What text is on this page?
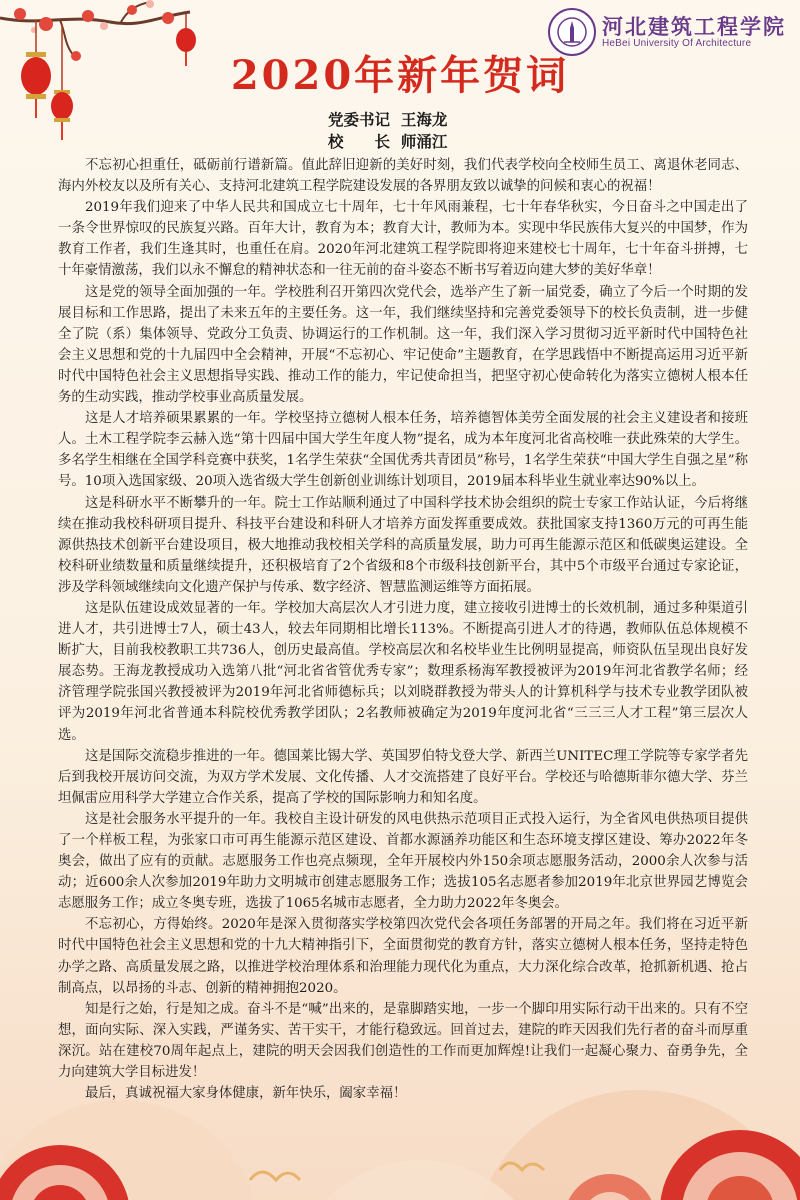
河北建筑工程学院
HeBei University Of Architecture
2020年新年贺词
党委书记 王海龙
校　　长 师涌江

不忘初心担重任，砥砺前行谱新篇。值此辞旧迎新的美好时刻，我们代表学校向全校师生员工、离退休老同志、海内外校友以及所有关心、支持河北建筑工程学院建设发展的各界朋友致以诚挚的问候和衷心的祝福！

2019年我们迎来了中华人民共和国成立七十周年，七十年风雨兼程，七十年春华秋实，今日奋斗之中国走出了一条令世界惊叹的民族复兴路。百年大计，教育为本；教育大计，教师为本。实现中华民族伟大复兴的中国梦，作为教育工作者，我们生逢其时，也重任在肩。2020年河北建筑工程学院即将迎来建校七十周年，七十年奋斗拼搏，七十年豪情激荡，我们以永不懈怠的精神状态和一往无前的奋斗姿态不断书写着迈向建大梦的美好华章！

这是党的领导全面加强的一年。学校胜利召开第四次党代会，选举产生了新一届党委，确立了今后一个时期的发展目标和工作思路，提出了未来五年的主要任务。这一年，我们继续坚持和完善党委领导下的校长负责制，进一步健全了院（系）集体领导、党政分工负责、协调运行的工作机制。这一年，我们深入学习贯彻习近平新时代中国特色社会主义思想和党的十九届四中全会精神，开展“不忘初心、牢记使命”主题教育，在学思践悟中不断提高运用习近平新时代中国特色社会主义思想指导实践、推动工作的能力，牢记使命担当，把坚守初心使命转化为落实立德树人根本任务的生动实践，推动学校事业高质量发展。

这是人才培养硕果累累的一年。学校坚持立德树人根本任务，培养德智体美劳全面发展的社会主义建设者和接班人。土木工程学院李云赫入选“第十四届中国大学生年度人物”提名，成为本年度河北省高校唯一获此殊荣的大学生。多名学生相继在全国学科竞赛中获奖，1名学生荣获“全国优秀共青团员”称号，1名学生荣获“中国大学生自强之星”称号。10项入选国家级、20项入选省级大学生创新创业训练计划项目，2019届本科毕业生就业率达90%以上。

这是科研水平不断攀升的一年。院士工作站顺利通过了中国科学技术协会组织的院士专家工作站认证，今后将继续在推动我校科研项目提升、科技平台建设和科研人才培养方面发挥重要成效。获批国家支持1360万元的可再生能源供热技术创新平台建设项目，极大地推动我校相关学科的高质量发展，助力可再生能源示范区和低碳奥运建设。全校科研业绩数量和质量继续提升，还积极培育了2个省级和8个市级科技创新平台，其中5个市级平台通过专家论证，涉及学科领域继续向文化遗产保护与传承、数字经济、智慧监测运维等方面拓展。

这是队伍建设成效显著的一年。学校加大高层次人才引进力度，建立接收引进博士的长效机制，通过多种渠道引进人才，共引进博士7人，硕士43人，较去年同期相比增长113%。不断提高引进人才的待遇，教师队伍总体规模不断扩大，目前我校教职工共736人，创历史最高值。学校高层次和名校毕业生比例明显提高，师资队伍呈现出良好发展态势。王海龙教授成功入选第八批“河北省省管优秀专家”；数理系杨海军教授被评为2019年河北省教学名师；经济管理学院张国兴教授被评为2019年河北省师德标兵；以刘晓群教授为带头人的计算机科学与技术专业教学团队被评为2019年河北省普通本科院校优秀教学团队；2名教师被确定为2019年度河北省“三三三人才工程”第三层次人选。

这是国际交流稳步推进的一年。德国莱比锡大学、英国罗伯特戈登大学、新西兰UNITEC理工学院等专家学者先后到我校开展访问交流，为双方学术发展、文化传播、人才交流搭建了良好平台。学校还与哈德斯菲尔德大学、芬兰坦佩雷应用科学大学建立合作关系，提高了学校的国际影响力和知名度。

这是社会服务水平提升的一年。我校自主设计研发的风电供热示范项目正式投入运行，为全省风电供热项目提供了一个样板工程，为张家口市可再生能源示范区建设、首都水源涵养功能区和生态环境支撑区建设、筹办2022年冬奥会，做出了应有的贡献。志愿服务工作也亮点频现，全年开展校内外150余项志愿服务活动，2000余人次参与活动；近600余人次参加2019年助力文明城市创建志愿服务工作；选拔105名志愿者参加2019年北京世界园艺博览会志愿服务工作；成立冬奥专班，选拔了1065名城市志愿者，全力助力2022年冬奥会。

不忘初心，方得始终。2020年是深入贯彻落实学校第四次党代会各项任务部署的开局之年。我们将在习近平新时代中国特色社会主义思想和党的十九大精神指引下，全面贯彻党的教育方针，落实立德树人根本任务，坚持走特色办学之路、高质量发展之路，以推进学校治理体系和治理能力现代化为重点，大力深化综合改革，抢抓新机遇、抢占制高点，以昂扬的斗志、创新的精神拥抱2020。

知是行之始，行是知之成。奋斗不是“喊”出来的，是靠脚踏实地，一步一个脚印用实际行动干出来的。只有不空想，面向实际、深入实践，严谨务实、苦干实干，才能行稳致远。回首过去，建院的昨天因我们先行者的奋斗而厚重深沉。站在建校70周年起点上，建院的明天会因我们创造性的工作而更加辉煌!让我们一起凝心聚力、奋勇争先，全力向建筑大学目标进发！

最后，真诚祝福大家身体健康，新年快乐，阖家幸福！
